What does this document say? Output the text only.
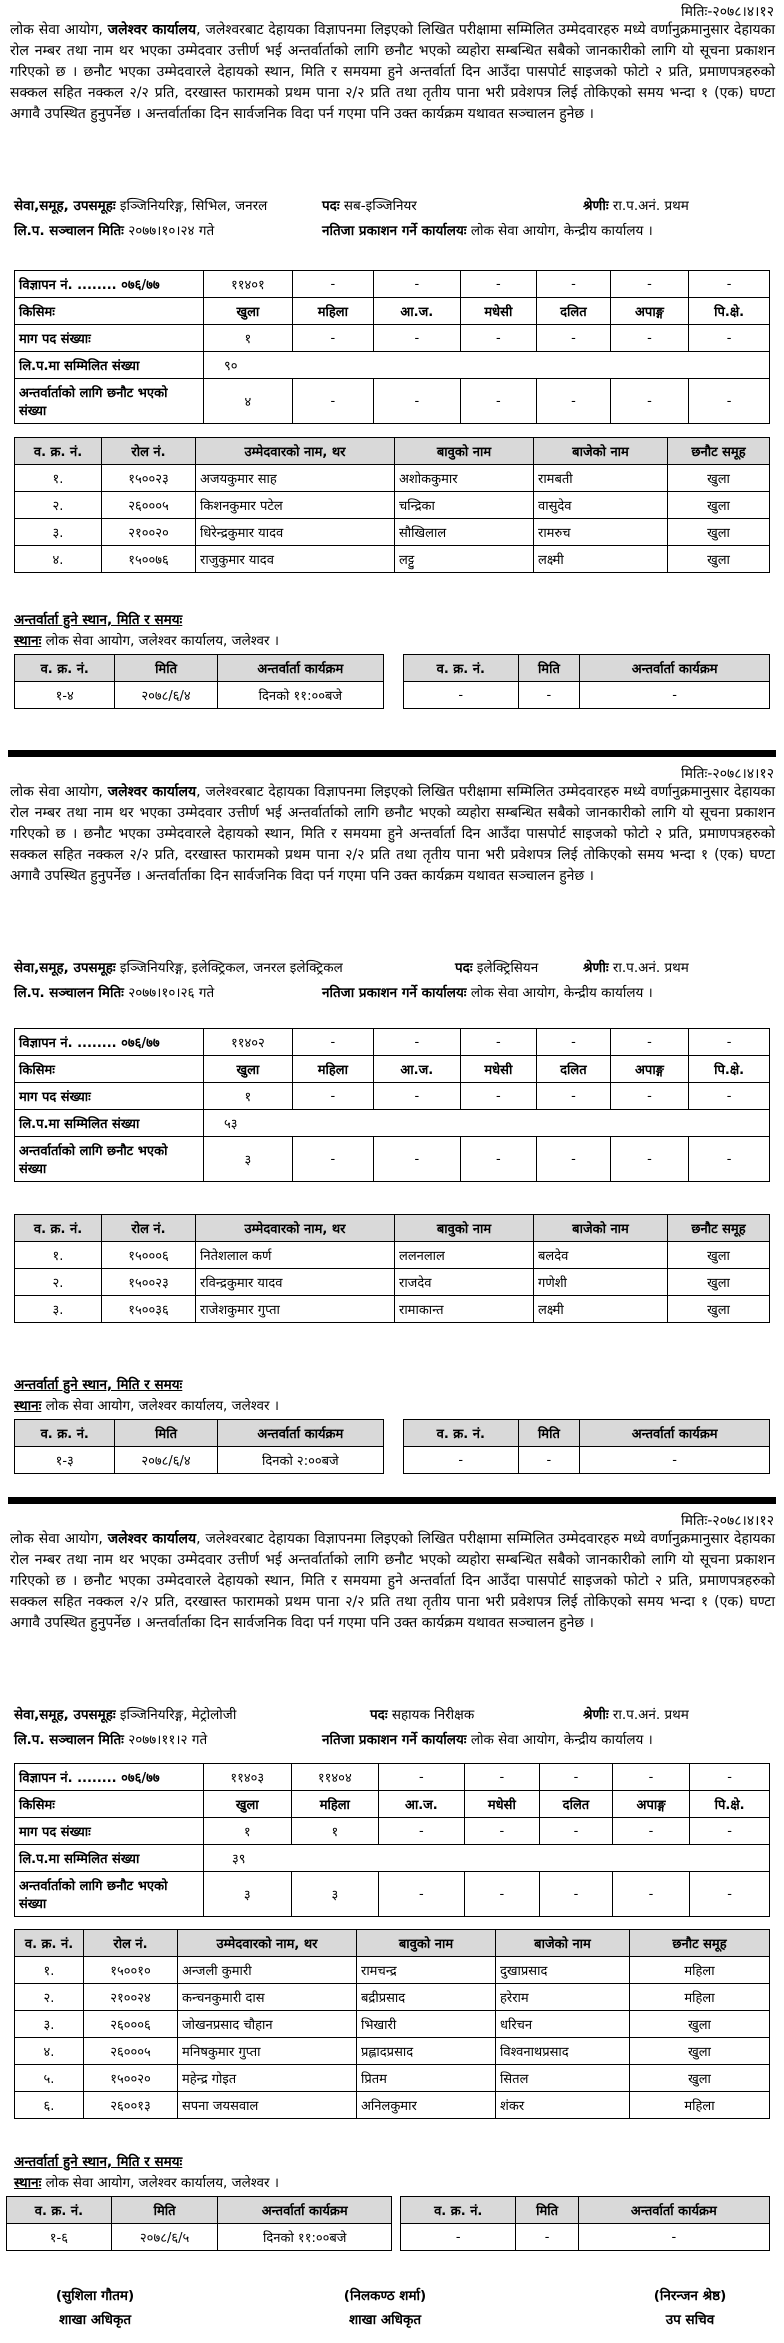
मितिः-२०७८।४।१२
लोक सेवा आयोग, जलेश्वर कार्यालय, जलेश्वरबाट देहायका विज्ञापनमा लिइएको लिखित परीक्षामा सम्मिलित उम्मेदवारहरु मध्ये वर्णानुक्रमानुसार देहायका रोल नम्बर तथा नाम थर भएका उम्मेदवार उत्तीर्ण भई अन्तर्वार्ताको लागि छनौट भएको व्यहोरा सम्बन्धित सबैको जानकारीको लागि यो सूचना प्रकाशन गरिएको छ । छनौट भएका उम्मेदवारले देहायको स्थान, मिति र समयमा हुने अन्तर्वार्ता दिन आउँदा पासपोर्ट साइजको फोटो २ प्रति, प्रमाणपत्रहरुको सक्कल सहित नक्कल २/२ प्रति, दरखास्त फारामको प्रथम पाना २/२ प्रति तथा तृतीय पाना भरी प्रवेशपत्र लिई तोकिएको समय भन्दा १ (एक) घण्टा अगावै उपस्थित हुनुपर्नेछ । अन्तर्वार्ताका दिन सार्वजनिक विदा पर्न गएमा पनि उक्त कार्यक्रम यथावत सञ्चालन हुनेछ ।
सेवा,समूह, उपसमूहः इञ्जिनियरिङ्ग, सिभिल, जनरल	पदः सब-इञ्जिनियर	श्रेणीः रा.प.अनं. प्रथम
लि.प. सञ्चालन मितिः २०७७।१०।२४ गते	नतिजा प्रकाशन गर्ने कार्यालयः लोक सेवा आयोग, केन्द्रीय कार्यालय ।
विज्ञापन नं. ........ ०७६/७७	११४०१	-	-	-	-	-	-
किसिमः	खुला	महिला	आ.ज.	मधेसी	दलित	अपाङ्ग	पि.क्षे.
माग पद संख्याः	१	-	-	-	-	-	-
लि.प.मा सम्मिलित संख्या	९०						
अन्तर्वार्ताको लागि छनौट भएको संख्या	४	-	-	-	-	-	-
व. क्र. नं.	रोल नं.	उम्मेदवारको नाम, थर	बावुको नाम	बाजेको नाम	छनौट समूह
१.	१५००२३	अजयकुमार साह	अशोककुमार	रामबती	खुला
२.	२६०००५	किशनकुमार पटेल	चन्द्रिका	वासुदेव	खुला
३.	२१००२०	धिरेन्द्रकुमार यादव	सौखिलाल	रामरुच	खुला
४.	१५००७६	राजुकुमार यादव	लट्टु	लक्ष्मी	खुला
अन्तर्वार्ता हुने स्थान, मिति र समयः
स्थानः लोक सेवा आयोग, जलेश्वर कार्यालय, जलेश्वर ।
व. क्र. नं.	मिति	अन्तर्वार्ता कार्यक्रम
१-४	२०७८/६/४	दिनको ११:००बजे
व. क्र. नं.	मिति	अन्तर्वार्ता कार्यक्रम
-	-	-
मितिः-२०७८।४।१२
लोक सेवा आयोग, जलेश्वर कार्यालय, जलेश्वरबाट देहायका विज्ञापनमा लिइएको लिखित परीक्षामा सम्मिलित उम्मेदवारहरु मध्ये वर्णानुक्रमानुसार देहायका रोल नम्बर तथा नाम थर भएका उम्मेदवार उत्तीर्ण भई अन्तर्वार्ताको लागि छनौट भएको व्यहोरा सम्बन्धित सबैको जानकारीको लागि यो सूचना प्रकाशन गरिएको छ । छनौट भएका उम्मेदवारले देहायको स्थान, मिति र समयमा हुने अन्तर्वार्ता दिन आउँदा पासपोर्ट साइजको फोटो २ प्रति, प्रमाणपत्रहरुको सक्कल सहित नक्कल २/२ प्रति, दरखास्त फारामको प्रथम पाना २/२ प्रति तथा तृतीय पाना भरी प्रवेशपत्र लिई तोकिएको समय भन्दा १ (एक) घण्टा अगावै उपस्थित हुनुपर्नेछ । अन्तर्वार्ताका दिन सार्वजनिक विदा पर्न गएमा पनि उक्त कार्यक्रम यथावत सञ्चालन हुनेछ ।
सेवा,समूह, उपसमूहः इञ्जिनियरिङ्ग, इलेक्ट्रिकल, जनरल इलेक्ट्रिकल	पदः इलेक्ट्रिसियन	श्रेणीः रा.प.अनं. प्रथम
लि.प. सञ्चालन मितिः २०७७।१०।२६ गते	नतिजा प्रकाशन गर्ने कार्यालयः लोक सेवा आयोग, केन्द्रीय कार्यालय ।
विज्ञापन नं. ........ ०७६/७७	११४०२	-	-	-	-	-	-
किसिमः	खुला	महिला	आ.ज.	मधेसी	दलित	अपाङ्ग	पि.क्षे.
माग पद संख्याः	१	-	-	-	-	-	-
लि.प.मा सम्मिलित संख्या	५३						
अन्तर्वार्ताको लागि छनौट भएको संख्या	३	-	-	-	-	-	-
व. क्र. नं.	रोल नं.	उम्मेदवारको नाम, थर	बावुको नाम	बाजेको नाम	छनौट समूह
१.	१५०००६	नितेशलाल कर्ण	ललनलाल	बलदेव	खुला
२.	१५००२३	रविन्द्रकुमार यादव	राजदेव	गणेशी	खुला
३.	१५००३६	राजेशकुमार गुप्ता	रामाकान्त	लक्ष्मी	खुला
अन्तर्वार्ता हुने स्थान, मिति र समयः
स्थानः लोक सेवा आयोग, जलेश्वर कार्यालय, जलेश्वर ।
व. क्र. नं.	मिति	अन्तर्वार्ता कार्यक्रम
१-३	२०७८/६/४	दिनको २:००बजे
व. क्र. नं.	मिति	अन्तर्वार्ता कार्यक्रम
-	-	-
मितिः-२०७८।४।१२
लोक सेवा आयोग, जलेश्वर कार्यालय, जलेश्वरबाट देहायका विज्ञापनमा लिइएको लिखित परीक्षामा सम्मिलित उम्मेदवारहरु मध्ये वर्णानुक्रमानुसार देहायका रोल नम्बर तथा नाम थर भएका उम्मेदवार उत्तीर्ण भई अन्तर्वार्ताको लागि छनौट भएको व्यहोरा सम्बन्धित सबैको जानकारीको लागि यो सूचना प्रकाशन गरिएको छ । छनौट भएका उम्मेदवारले देहायको स्थान, मिति र समयमा हुने अन्तर्वार्ता दिन आउँदा पासपोर्ट साइजको फोटो २ प्रति, प्रमाणपत्रहरुको सक्कल सहित नक्कल २/२ प्रति, दरखास्त फारामको प्रथम पाना २/२ प्रति तथा तृतीय पाना भरी प्रवेशपत्र लिई तोकिएको समय भन्दा १ (एक) घण्टा अगावै उपस्थित हुनुपर्नेछ । अन्तर्वार्ताका दिन सार्वजनिक विदा पर्न गएमा पनि उक्त कार्यक्रम यथावत सञ्चालन हुनेछ ।
सेवा,समूह, उपसमूहः इञ्जिनियरिङ्ग, मेट्रोलोजी	पदः सहायक निरीक्षक	श्रेणीः रा.प.अनं. प्रथम
लि.प. सञ्चालन मितिः २०७७।११।२ गते	नतिजा प्रकाशन गर्ने कार्यालयः लोक सेवा आयोग, केन्द्रीय कार्यालय ।
विज्ञापन नं. ........ ०७६/७७	११४०३	११४०४	-	-	-	-	-
किसिमः	खुला	महिला	आ.ज.	मधेसी	दलित	अपाङ्ग	पि.क्षे.
माग पद संख्याः	१	१	-	-	-	-	-
लि.प.मा सम्मिलित संख्या	३९						
अन्तर्वार्ताको लागि छनौट भएको संख्या	३	३	-	-	-	-	-
व. क्र. नं.	रोल नं.	उम्मेदवारको नाम, थर	बावुको नाम	बाजेको नाम	छनौट समूह
१.	१५००१०	अन्जली कुमारी	रामचन्द्र	दुखाप्रसाद	महिला
२.	२१००२४	कन्चनकुमारी दास	बद्रीप्रसाद	हरेराम	महिला
३.	२६०००६	जोखनप्रसाद चौहान	भिखारी	धरिचन	खुला
४.	२६०००५	मनिषकुमार गुप्ता	प्रह्लादप्रसाद	विश्वनाथप्रसाद	खुला
५.	१५००२०	महेन्द्र गोइत	प्रितम	सितल	खुला
६.	२६००१३	सपना जयसवाल	अनिलकुमार	शंकर	महिला
अन्तर्वार्ता हुने स्थान, मिति र समयः
स्थानः लोक सेवा आयोग, जलेश्वर कार्यालय, जलेश्वर ।
व. क्र. नं.	मिति	अन्तर्वार्ता कार्यक्रम
१-६	२०७८/६/५	दिनको ११:००बजे
व. क्र. नं.	मिति	अन्तर्वार्ता कार्यक्रम
-	-	-
(सुशिला गौतम)
शाखा अधिकृत
(निलकण्ठ शर्मा)
शाखा अधिकृत
(निरन्जन श्रेष्ठ)
उप सचिव
